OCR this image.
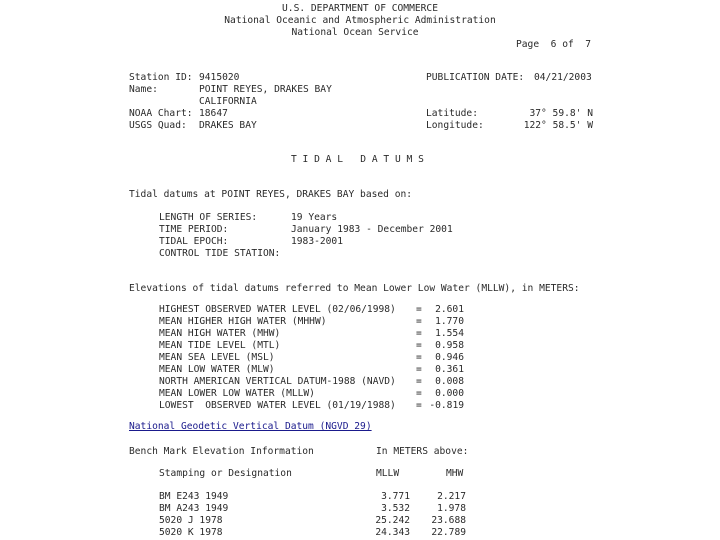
U.S. DEPARTMENT OF COMMERCE
National Oceanic and Atmospheric Administration
National Ocean Service
Page  6 of  7
Station ID: 9415020	PUBLICATION DATE: 04/21/2003
Name:	POINT REYES, DRAKES BAY
CALIFORNIA
NOAA Chart: 18647	Latitude:	37° 59.8' N
USGS Quad: DRAKES BAY	Longitude:	122° 58.5' W
T I D A L   D A T U M S
Tidal datums at POINT REYES, DRAKES BAY based on:
LENGTH OF SERIES:	19 Years
TIME PERIOD:	January 1983 - December 2001
TIDAL EPOCH:	1983-2001
CONTROL TIDE STATION:
Elevations of tidal datums referred to Mean Lower Low Water (MLLW), in METERS:
HIGHEST OBSERVED WATER LEVEL (02/06/1998) =	2.601
MEAN HIGHER HIGH WATER (MHHW)	=	1.770
MEAN HIGH WATER (MHW)	=	1.554
MEAN TIDE LEVEL (MTL)	=	0.958
MEAN SEA LEVEL (MSL)	=	0.946
MEAN LOW WATER (MLW)	=	0.361
NORTH AMERICAN VERTICAL DATUM-1988 (NAVD) =	0.008
MEAN LOWER LOW WATER (MLLW)	=	0.000
LOWEST  OBSERVED WATER LEVEL (01/19/1988) = -0.819
National Geodetic Vertical Datum (NGVD 29)
Bench Mark Elevation Information	In METERS above:
Stamping or Designation	MLLW	MHW
BM E243 1949	3.771	2.217
BM A243 1949	3.532	1.978
5020 J 1978	25.242	23.688
5020 K 1978	24.343	22.789
